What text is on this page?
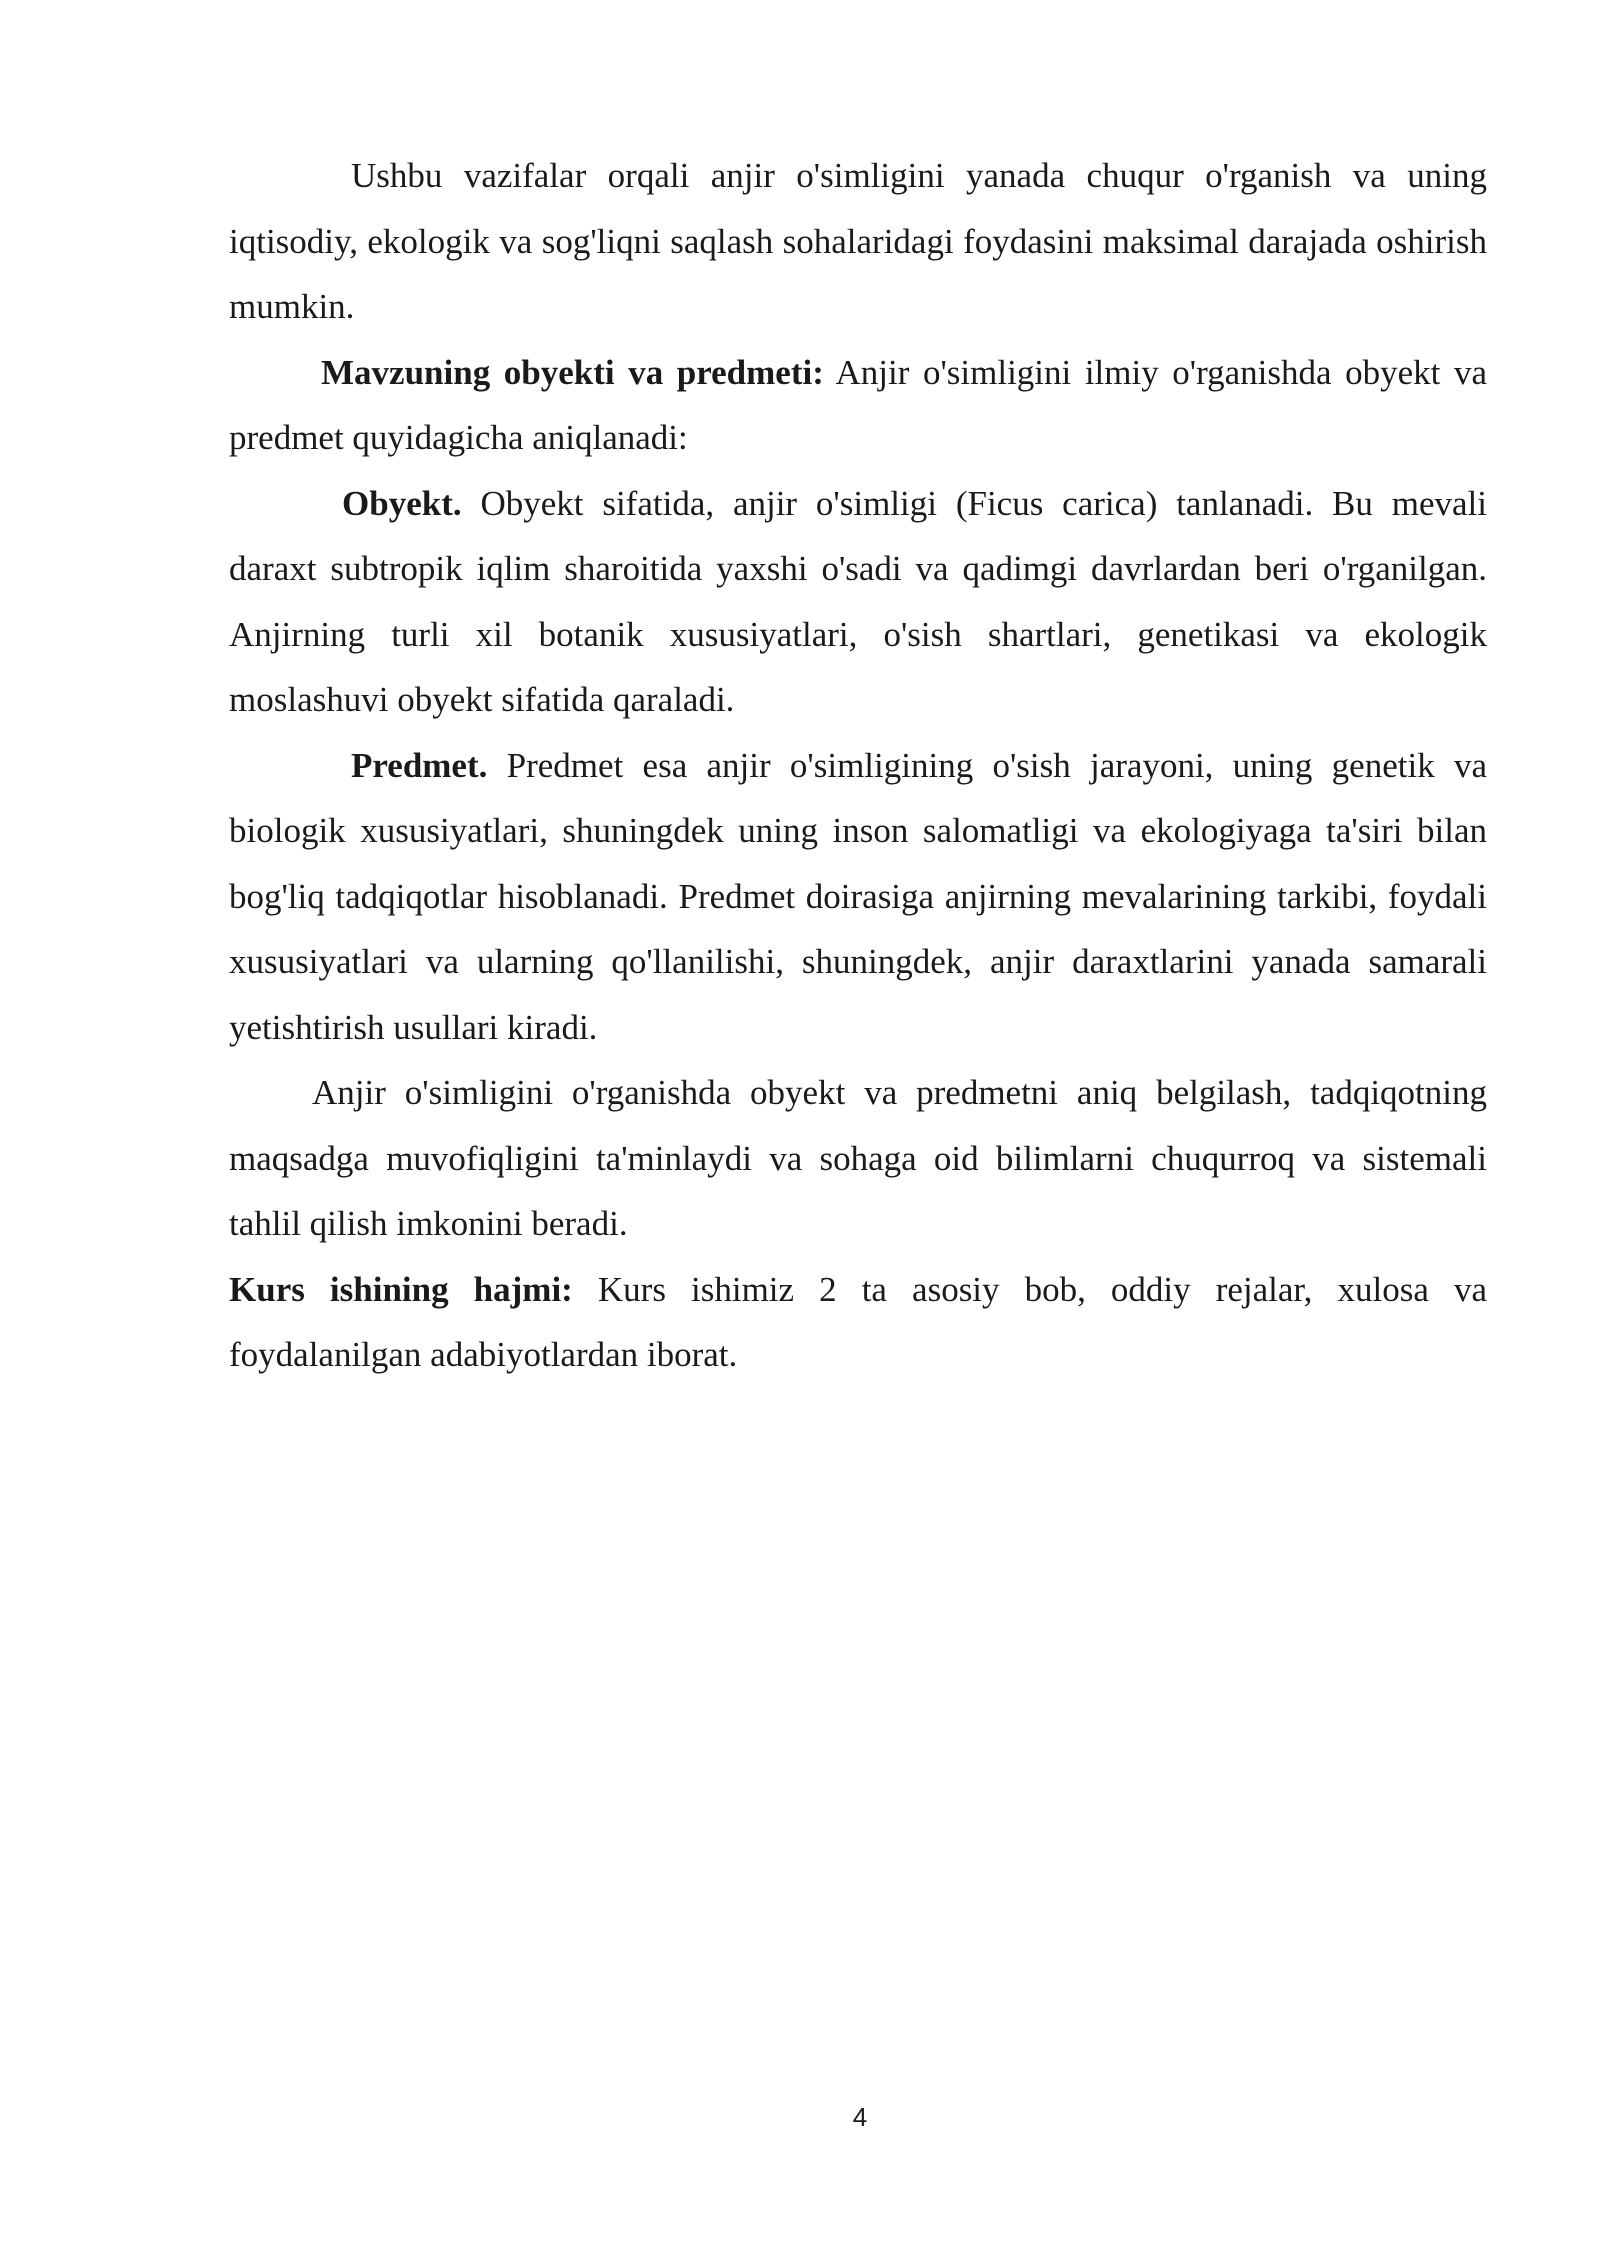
Ushbu vazifalar orqali anjir o'simligini yanada chuqur o'rganish va uning iqtisodiy, ekologik va sog'liqni saqlash sohalaridagi foydasini maksimal darajada oshirish mumkin.

Mavzuning obyekti va predmeti: Anjir o'simligini ilmiy o'rganishda obyekt va predmet quyidagicha aniqlanadi:

Obyekt. Obyekt sifatida, anjir o'simligi (Ficus carica) tanlanadi. Bu mevali daraxt subtropik iqlim sharoitida yaxshi o'sadi va qadimgi davrlardan beri o'rganilgan. Anjirning turli xil botanik xususiyatlari, o'sish shartlari, genetikasi va ekologik moslashuvi obyekt sifatida qaraladi.

Predmet. Predmet esa anjir o'simligining o'sish jarayoni, uning genetik va biologik xususiyatlari, shuningdek uning inson salomatligi va ekologiyaga ta'siri bilan bog'liq tadqiqotlar hisoblanadi. Predmet doirasiga anjirning mevalarining tarkibi, foydali xususiyatlari va ularning qo'llanilishi, shuningdek, anjir daraxtlarini yanada samarali yetishtirish usullari kiradi.

Anjir o'simligini o'rganishda obyekt va predmetni aniq belgilash, tadqiqotning maqsadga muvofiqligini ta'minlaydi va sohaga oid bilimlarni chuqurroq va sistemali tahlil qilish imkonini beradi.

Kurs ishining hajmi: Kurs ishimiz 2 ta asosiy bob, oddiy rejalar, xulosa va foydalanilgan adabiyotlardan iborat.

4
